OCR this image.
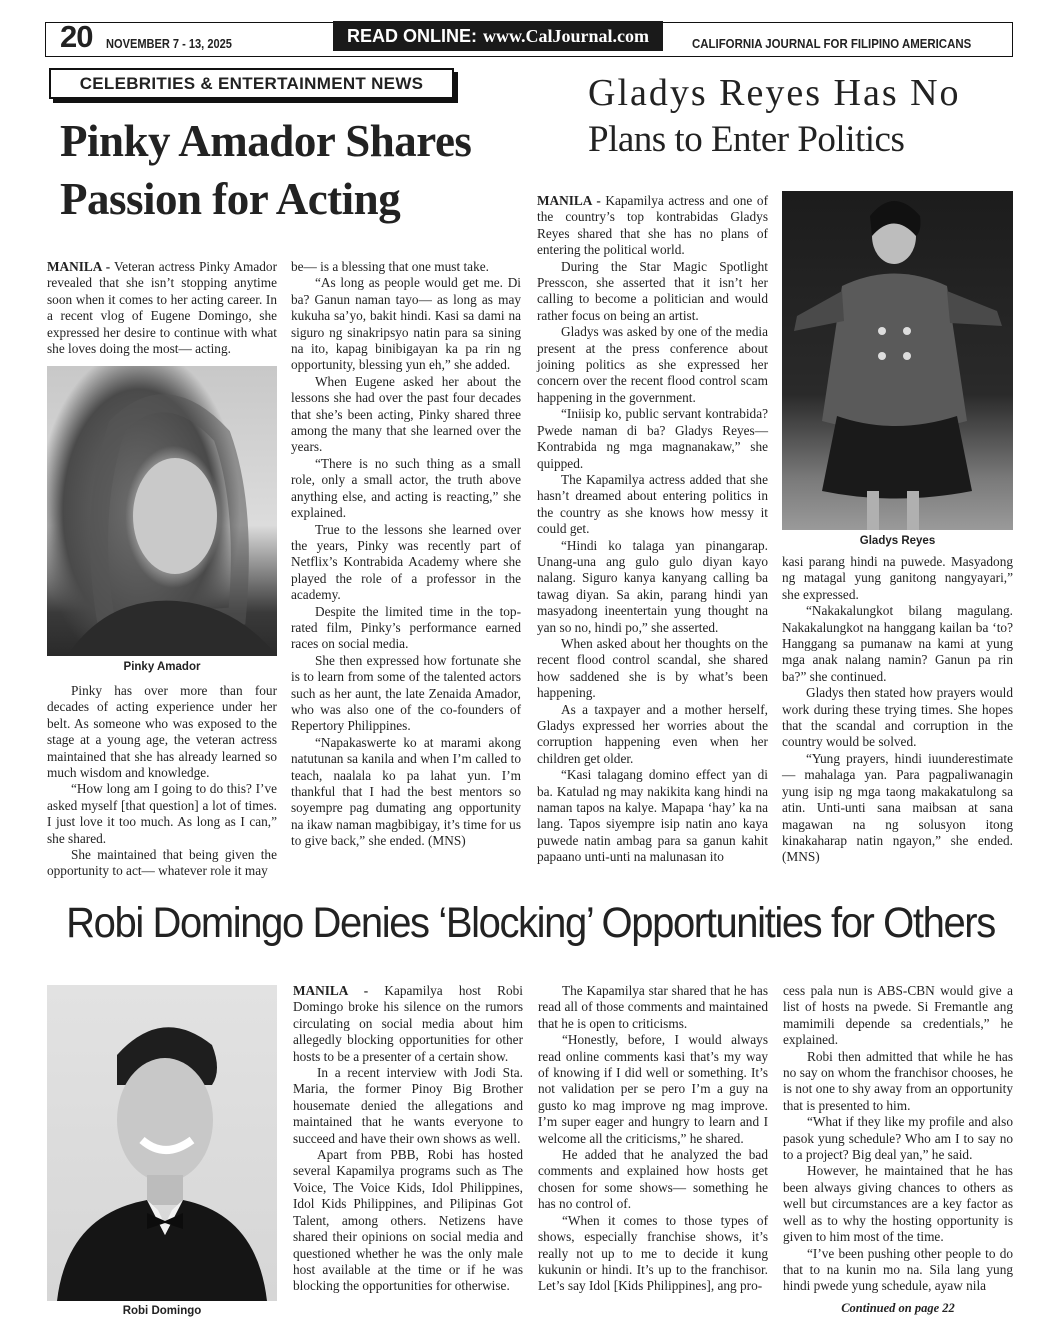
20 NOVEMBER 7 - 13, 2025	READ ONLINE: www.CalJournal.com	CALIFORNIA JOURNAL FOR FILIPINO AMERICANS
CELEBRITIES & ENTERTAINMENT NEWS
Pinky Amador Shares
Passion for Acting
Gladys Reyes Has No
Plans to Enter Politics

MANILA - Veteran actress Pinky Amador revealed that she isn’t stopping anytime soon when it comes to her acting career. In a recent vlog of Eugene Domingo, she expressed her desire to continue with what she loves doing the most— acting.

Pinky Amador

Pinky has over more than four decades of acting experience under her belt. As someone who was exposed to the stage at a young age, the veteran actress maintained that she has already learned so much wisdom and knowledge.

“How long am I going to do this? I’ve asked myself [that question] a lot of times. I just love it too much. As long as I can,” she shared.

She maintained that being given the opportunity to act— whatever role it may

be— is a blessing that one must take.

“As long as people would get me. Di ba? Ganun naman tayo— as long as may kukuha sa’yo, bakit hindi. Kasi sa dami na siguro ng sinakripsyo natin para sa sining na ito, kapag binibigayan ka pa rin ng opportunity, blessing yun eh,” she added.

When Eugene asked her about the lessons she had over the past four decades that she’s been acting, Pinky shared three among the many that she learned over the years.

“There is no such thing as a small role, only a small actor, the truth above anything else, and acting is reacting,” she explained.

True to the lessons she learned over the years, Pinky was recently part of Netflix’s Kontrabida Academy where she played the role of a professor in the academy.

Despite the limited time in the top-rated film, Pinky’s performance earned races on social media.

She then expressed how fortunate she is to learn from some of the talented actors such as her aunt, the late Zenaida Amador, who was also one of the co-founders of Repertory Philippines.

“Napakaswerte ko at marami akong natutunan sa kanila and when I’m called to teach, naalala ko pa lahat yun. I’m thankful that I had the best mentors so soyempre pag dumating ang opportunity na ikaw naman magbibigay, it’s time for us to give back,” she ended. (MNS)

MANILA - Kapamilya actress and one of the country’s top kontrabidas Gladys Reyes shared that she has no plans of entering the political world.

During the Star Magic Spotlight Presscon, she asserted that it isn’t her calling to become a politician and would rather focus on being an artist.

Gladys was asked by one of the media present at the press conference about joining politics as she expressed her concern over the recent flood control scam happening in the government.

“Iniisip ko, public servant kontrabida? Pwede naman di ba? Gladys Reyes— Kontrabida ng mga magnanakaw,” she quipped.

The Kapamilya actress added that she hasn’t dreamed about entering politics in the country as she knows how messy it could get.

“Hindi ko talaga yan pinangarap. Unang-una ang gulo gulo diyan kayo nalang. Siguro kanya kanyang calling ba tawag diyan. Sa akin, parang hindi yan masyadong ineentertain yung thought na yan so no, hindi po,” she asserted.

When asked about her thoughts on the recent flood control scandal, she shared how saddened she is by what’s been happening.

As a taxpayer and a mother herself, Gladys expressed her worries about the corruption happening even when her children get older.

“Kasi talagang domino effect yan di ba. Katulad ng may nakikita kang hindi na naman tapos na kalye. Mapapa ‘hay’ ka na lang. Tapos siyempre isip natin ano kaya puwede natin ambag para sa ganun kahit papaano unti-unti na malunasan ito

Gladys Reyes

kasi parang hindi na puwede. Masyadong ng matagal yung ganitong nangyayari,” she expressed.

“Nakakalungkot bilang magulang. Nakakalungkot na hanggang kailan ba ‘to? Hanggang sa pumanaw na kami at yung mga anak nalang namin? Ganun pa rin ba?” she continued.

Gladys then stated how prayers would work during these trying times. She hopes that the scandal and corruption in the country would be solved.

“Yung prayers, hindi iuunderestimate — mahalaga yan. Para pagpaliwanagin yung isip ng mga taong makakatulong sa atin. Unti-unti sana maibsan at sana magawan na ng solusyon itong kinakaharap natin ngayon,” she ended. (MNS)

Robi Domingo Denies ‘Blocking’ Opportunities for Others
Robi Domingo

MANILA - Kapamilya host Robi Domingo broke his silence on the rumors circulating on social media about him allegedly blocking opportunities for other hosts to be a presenter of a certain show.

In a recent interview with Jodi Sta. Maria, the former Pinoy Big Brother housemate denied the allegations and maintained that he wants everyone to succeed and have their own shows as well.

Apart from PBB, Robi has hosted several Kapamilya programs such as The Voice, The Voice Kids, Idol Philippines, Idol Kids Philippines, and Pilipinas Got Talent, among others. Netizens have shared their opinions on social media and questioned whether he was the only male host available at the time or if he was blocking the opportunities for otherwise.

The Kapamilya star shared that he has read all of those comments and maintained that he is open to criticisms.

“Honestly, before, I would always read online comments kasi that’s my way of knowing if I did well or something. It’s not validation per se pero I’m a guy na gusto ko mag improve ng mag improve. I’m super eager and hungry to learn and I welcome all the criticisms,” he shared.

He added that he analyzed the bad comments and explained how hosts get chosen for some shows— something he has no control of.

“When it comes to those types of shows, especially franchise shows, it’s really not up to me to decide it kung kukunin or hindi. It’s up to the franchisor. Let’s say Idol [Kids Philippines], ang pro-

cess pala nun is ABS-CBN would give a list of hosts na pwede. Si Fremantle ang mamimili depende sa credentials,” he explained.

Robi then admitted that while he has no say on whom the franchisor chooses, he is not one to shy away from an opportunity that is presented to him.

“What if they like my profile and also pasok yung schedule? Who am I to say no to a project? Big deal yan,” he said.

However, he maintained that he has been always giving chances to others as well but circumstances are a key factor as well as to why the hosting opportunity is given to him most of the time.

“I’ve been pushing other people to do that to na kunin mo na. Sila lang yung hindi pwede yung schedule, ayaw nila

Continued on page 22
